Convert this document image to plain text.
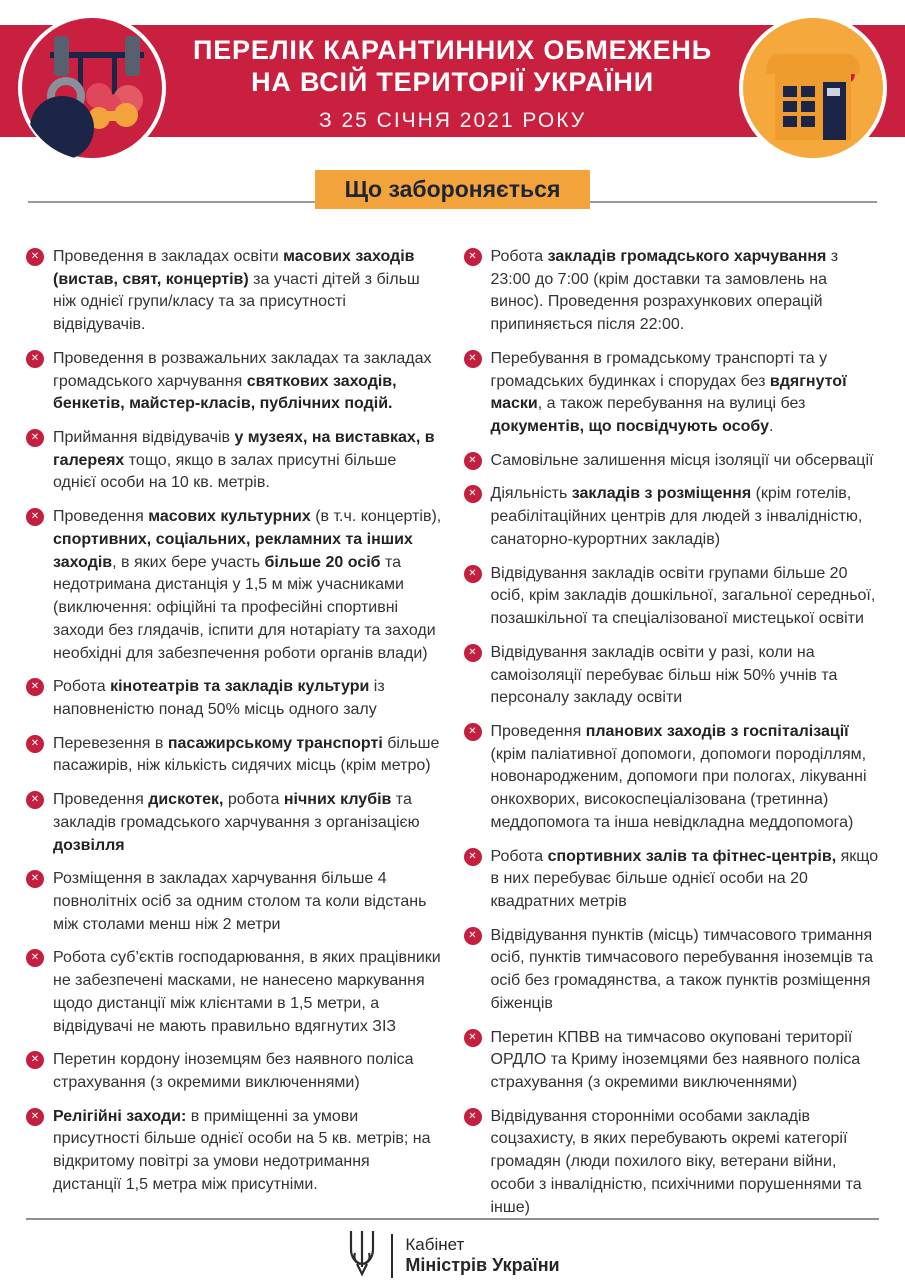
ПЕРЕЛІК КАРАНТИННИХ ОБМЕЖЕНЬ
НА ВСІЙ ТЕРИТОРІЇ УКРАЇНИ
З 25 СІЧНЯ 2021 РОКУ
Що забороняється
✕ Проведення в закладах освіти масових заходів (вистав, свят, концертів) за участі дітей з більш ніж однієї групи/класу та за присутності відвідувачів.

✕ Проведення в розважальних закладах та закладах громадського харчування святкових заходів, бенкетів, майстер-класів, публічних подій.

✕ Приймання відвідувачів у музеях, на виставках, в галереях тощо, якщо в залах присутні більше однієї особи на 10 кв. метрів.

✕ Проведення масових культурних (в т.ч. концертів), спортивних, соціальних, рекламних та інших заходів, в яких бере участь більше 20 осіб та недотримана дистанція у 1,5 м між учасниками (виключення: офіційні та професійні спортивні заходи без глядачів, іспити для нотаріату та заходи необхідні для забезпечення роботи органів влади)

✕ Робота кінотеатрів та закладів культури із наповненістю понад 50% місць одного залу

✕ Перевезення в пасажирському транспорті більше пасажирів, ніж кількість сидячих місць (крім метро)

✕ Проведення дискотек, робота нічних клубів та закладів громадського харчування з організацією дозвілля

✕ Розміщення в закладах харчування більше 4 повнолітніх осіб за одним столом та коли відстань між столами менш ніж 2 метри

✕ Робота суб’єктів господарювання, в яких працівники не забезпечені масками, не нанесено маркування щодо дистанції між клієнтами в 1,5 метри, а відвідувачі не мають правильно вдягнутих ЗІЗ

✕ Перетин кордону іноземцям без наявного поліса страхування (з окремими виключеннями)

✕ Релігійні заходи: в приміщенні за умови присутності більше однієї особи на 5 кв. метрів; на відкритому повітрі за умови недотримання дистанції 1,5 метра між присутніми.

✕ Робота закладів громадського харчування з 23:00 до 7:00 (крім доставки та замовлень на винос). Проведення розрахункових операцій припиняється після 22:00.

✕ Перебування в громадському транспорті та у громадських будинках і спорудах без вдягнутої маски, а також перебування на вулиці без документів, що посвідчують особу.

✕ Самовільне залишення місця ізоляції чи обсервації

✕ Діяльність закладів з розміщення (крім готелів, реабілітаційних центрів для людей з інвалідністю, санаторно-курортних закладів)

✕ Відвідування закладів освіти групами більше 20 осіб, крім закладів дошкільної, загальної середньої, позашкільної та спеціалізованої мистецької освіти

✕ Відвідування закладів освіти у разі, коли на самоізоляції перебуває більш ніж 50% учнів та персоналу закладу освіти

✕ Проведення планових заходів з госпіталізації (крім паліативної допомоги, допомоги породіллям, новонародженим, допомоги при пологах, лікуванні онкохворих, високоспеціалізована (третинна) меддопомога та інша невідкладна меддопомога)

✕ Робота спортивних залів та фітнес-центрів, якщо в них перебуває більше однієї особи на 20 квадратних метрів

✕ Відвідування пунктів (місць) тимчасового тримання осіб, пунктів тимчасового перебування іноземців та осіб без громадянства, а також пунктів розміщення біженців

✕ Перетин КПВВ на тимчасово окуповані території ОРДЛО та Криму іноземцями без наявного поліса страхування (з окремими виключеннями)

✕ Відвідування сторонніми особами закладів соцзахисту, в яких перебувають окремі категорії громадян (люди похилого віку, ветерани війни, особи з інвалідністю, психічними порушеннями та інше)

Кабінет
Міністрів України
